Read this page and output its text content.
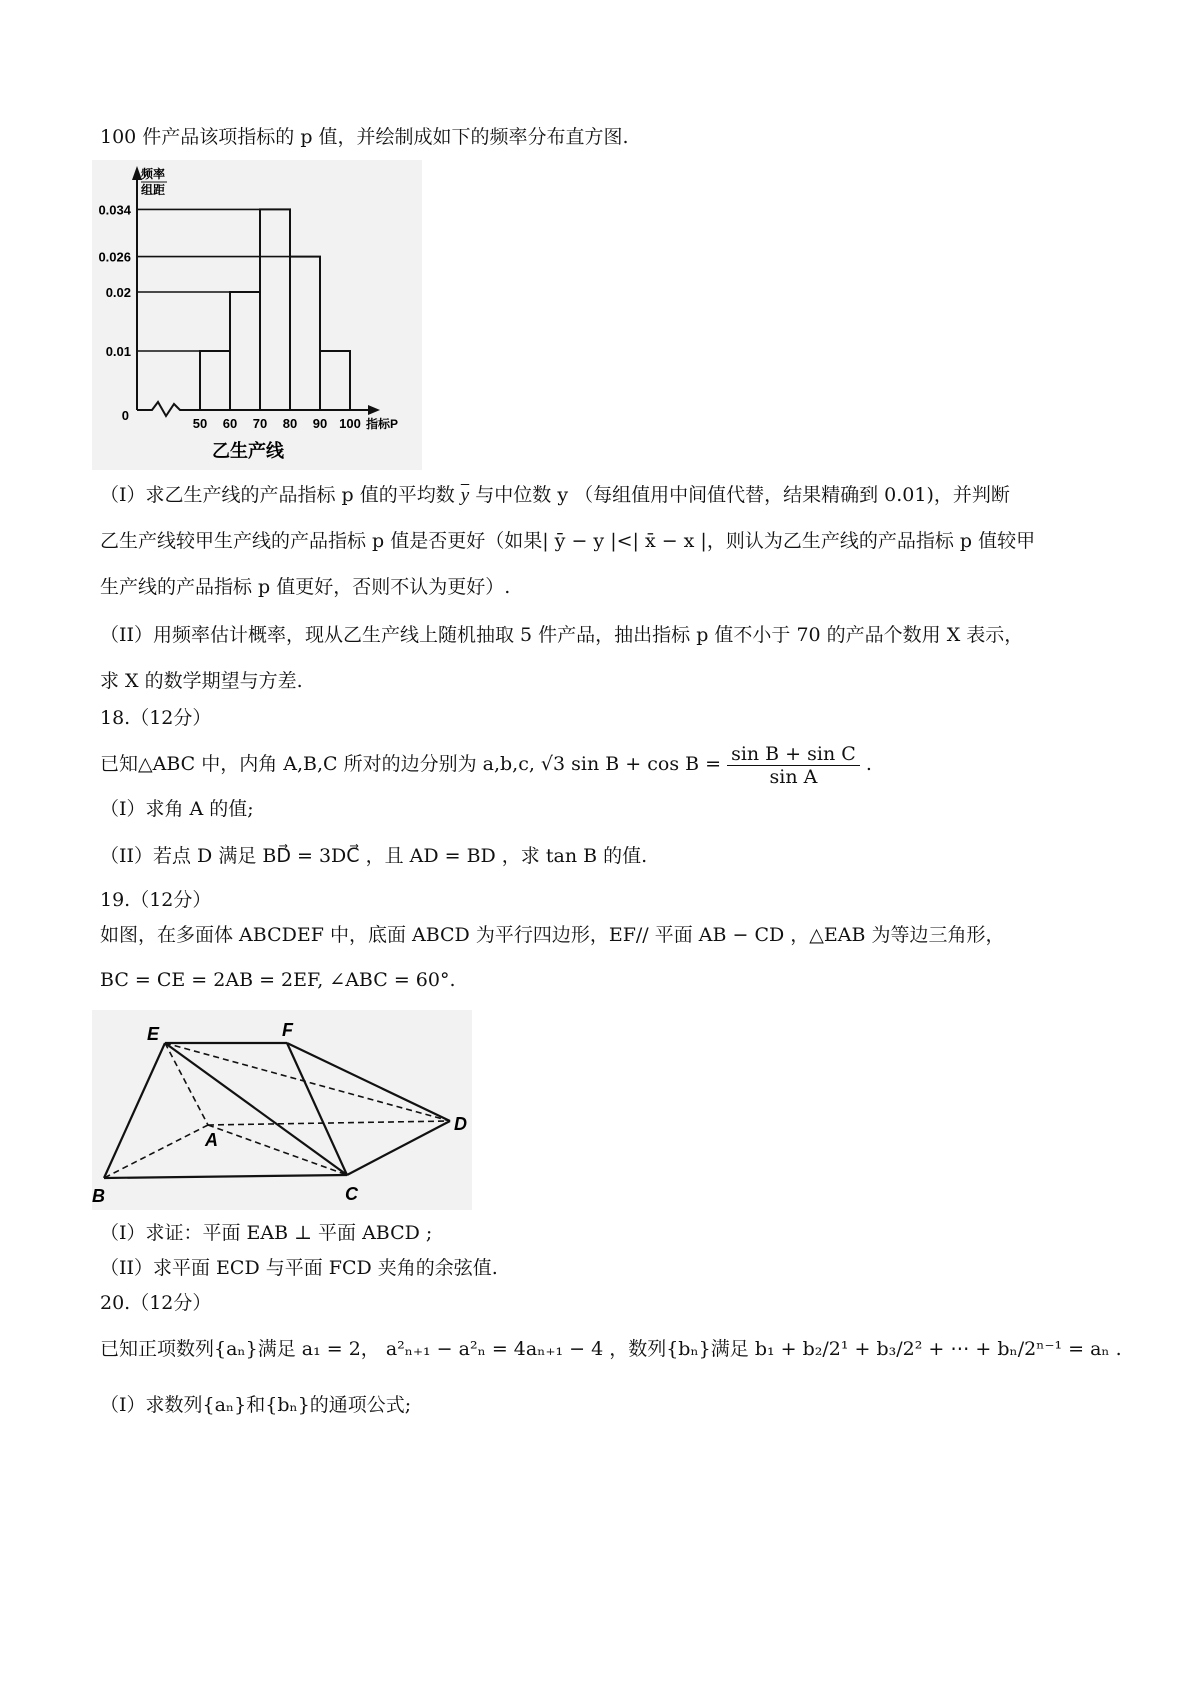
100 件产品该项指标的 p 值，并绘制成如下的频率分布直方图.
0.034
0.026
0.02
0.01
50 60 70 80 90 100
0
频率
组距
指标P
乙生产线
（I）求乙生产线的产品指标 p 值的平均数 $\overline{y}$ 与中位数 y （每组值用中间值代替，结果精确到 0.01)，并判断
乙生产线较甲生产线的产品指标 p 值是否更好（如果| ȳ − y |<| x̄ − x |，则认为乙生产线的产品指标 p 值较甲
生产线的产品指标 p 值更好，否则不认为更好）.
（II）用频率估计概率，现从乙生产线上随机抽取 5 件产品，抽出指标 p 值不小于 70 的产品个数用 X 表示，
求 X 的数学期望与方差.
18.（12分）
已知△ABC 中，内角 A,B,C 所对的边分别为 a,b,c, √3 $\sin B + \cos B = \frac{\text{sin B + sin C}}{\text{sin A}}$ .
（I）求角 A 的值;
（II）若点 D 满足 BD⃗ = 3DC⃗ ，且 AD = BD ，求 tan B 的值.
19.（12分）
如图，在多面体 ABCDEF 中，底面 ABCD 为平行四边形，EF// 平面 AB − CD ，△EAB 为等边三角形，
BC = CE = 2AB = 2EF, ∠ABC = 60°.
E	F
A
B	C
D
（I）求证：平面 EAB ⊥ 平面 ABCD ;
（II）求平面 ECD 与平面 FCD 夹角的余弦值.
20.（12分）
已知正项数列{aₙ}满足 a₁ = 2， a²ₙ₊₁ − a²ₙ = 4aₙ₊₁ − 4 ，数列{bₙ}满足 b₁ + b₂/2¹ + b₃/2² + ⋯ + bₙ/2ⁿ⁻¹ = aₙ .
（I）求数列{aₙ}和{bₙ}的通项公式;
